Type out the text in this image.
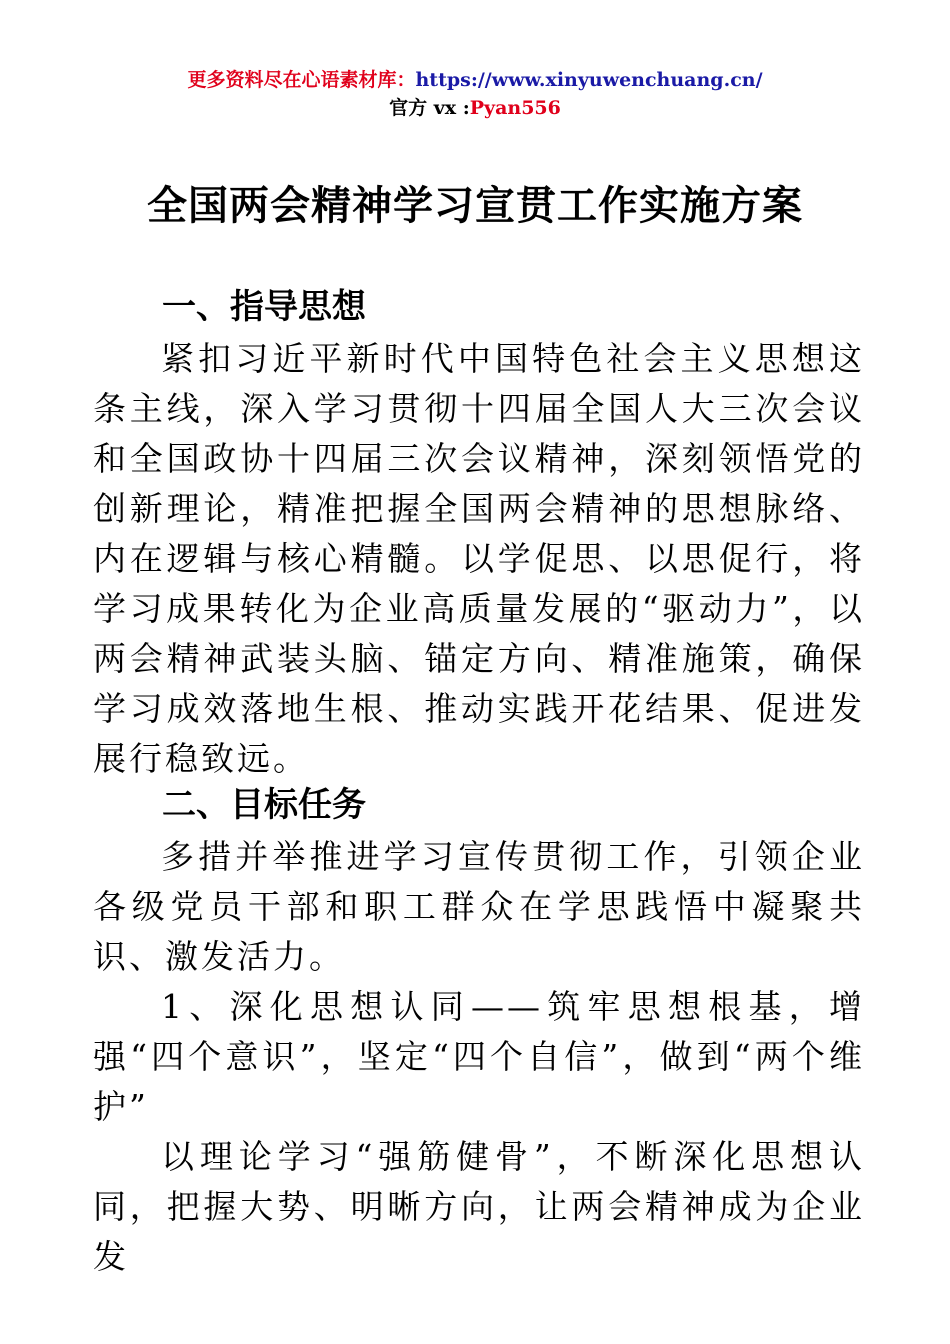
更多资料尽在心语素材库：https://www.xinyuwenchuang.cn/
官方 vx :Pyan556
全国两会精神学习宣贯工作实施方案
一、指导思想
紧扣习近平新时代中国特色社会主义思想这条主线，深入学习贯彻十四届全国人大三次会议和全国政协十四届三次会议精神，深刻领悟党的创新理论，精准把握全国两会精神的思想脉络、内在逻辑与核心精髓。以学促思、以思促行，将学习成果转化为企业高质量发展的“驱动力”，以两会精神武装头脑、锚定方向、精准施策，确保学习成效落地生根、推动实践开花结果、促进发展行稳致远。
二、目标任务
多措并举推进学习宣传贯彻工作，引领企业各级党员干部和职工群众在学思践悟中凝聚共识、激发活力。
1、深化思想认同——筑牢思想根基，增强“四个意识”，坚定“四个自信”，做到“两个维护”
以理论学习“强筋健骨”，不断深化思想认同，把握大势、明晰方向，让两会精神成为企业发
